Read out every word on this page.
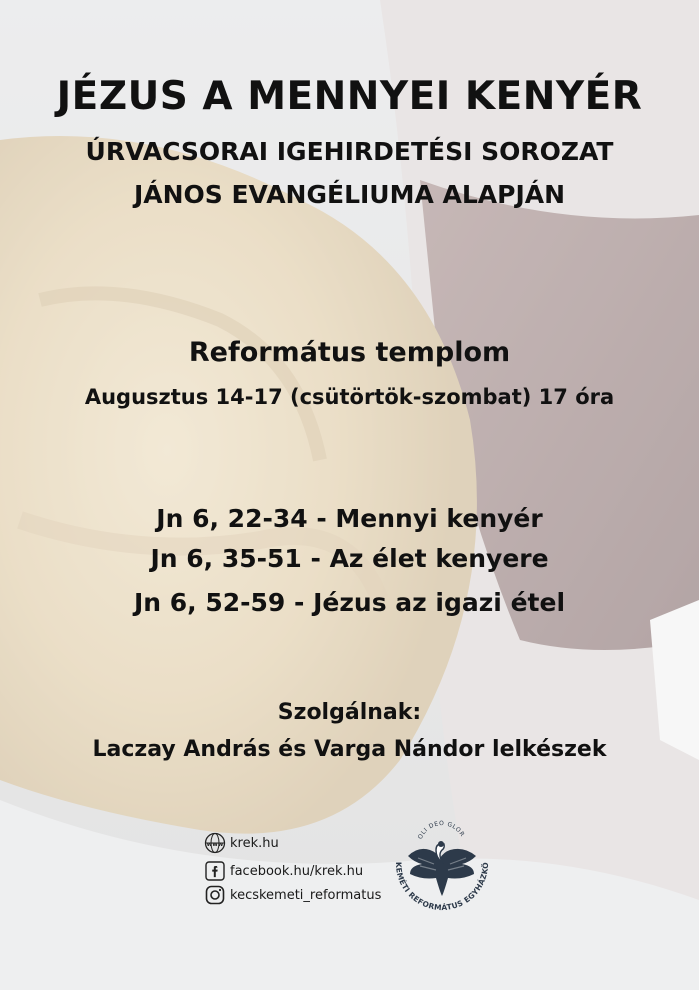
JÉZUS A MENNYEI KENYÉR
ÚRVACSORAI IGEHIRDETÉSI SOROZAT
JÁNOS EVANGÉLIUMA ALAPJÁN
Református templom
Augusztus 14-17 (csütörtök-szombat) 17 óra
Jn 6, 22-34 - Mennyi kenyér
Jn 6, 35-51 - Az élet kenyere
Jn 6, 52-59 - Jézus az igazi étel
Szolgálnak:
Laczay András és Varga Nándor lelkészek
www krek.hu
facebook.hu/krek.hu
kecskemeti_reformatus
OLI DEO GLOR
KEMÉTI REFORMÁTUS EGYHÁZKÖ
